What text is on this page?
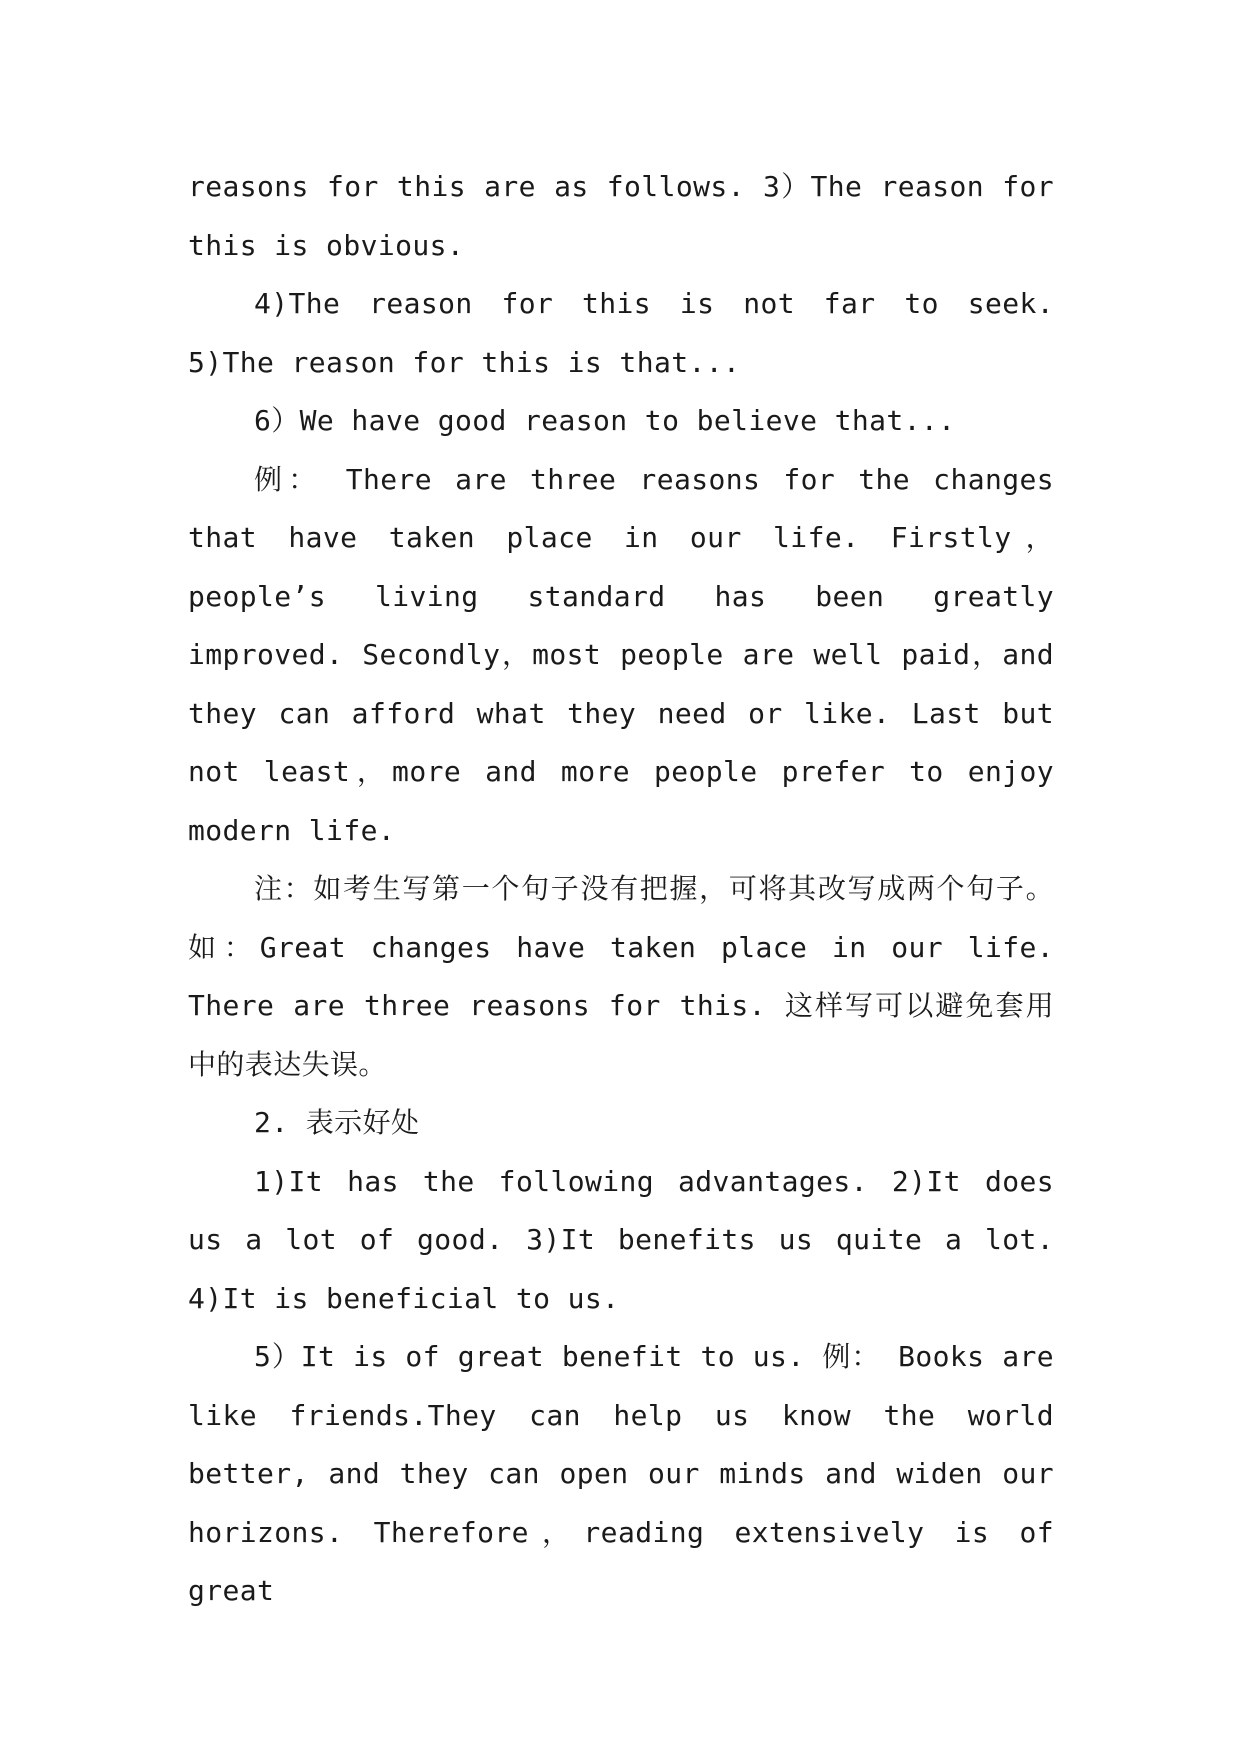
reasons for this are as follows. 3）The reason for this is obvious.

4)The reason for this is not far to seek. 5)The reason for this is that...

6）We have good reason to believe that...

例： There are three reasons for the changes that have taken place in our life. Firstly，people’s living standard has been greatly improved. Secondly，most people are well paid，and they can afford what they need or like. Last but not least，more and more people prefer to enjoy modern life.

注：如考生写第一个句子没有把握，可将其改写成两个句子。如：Great changes have taken place in our life. There are three reasons for this. 这样写可以避免套用中的表达失误。

2. 表示好处

1)It has the following advantages. 2)It does us a lot of good. 3)It benefits us quite a lot. 4)It is beneficial to us.

5）It is of great benefit to us. 例： Books are like friends.They can help us know the world better, and they can open our minds and widen our horizons. Therefore，reading extensively is of great
